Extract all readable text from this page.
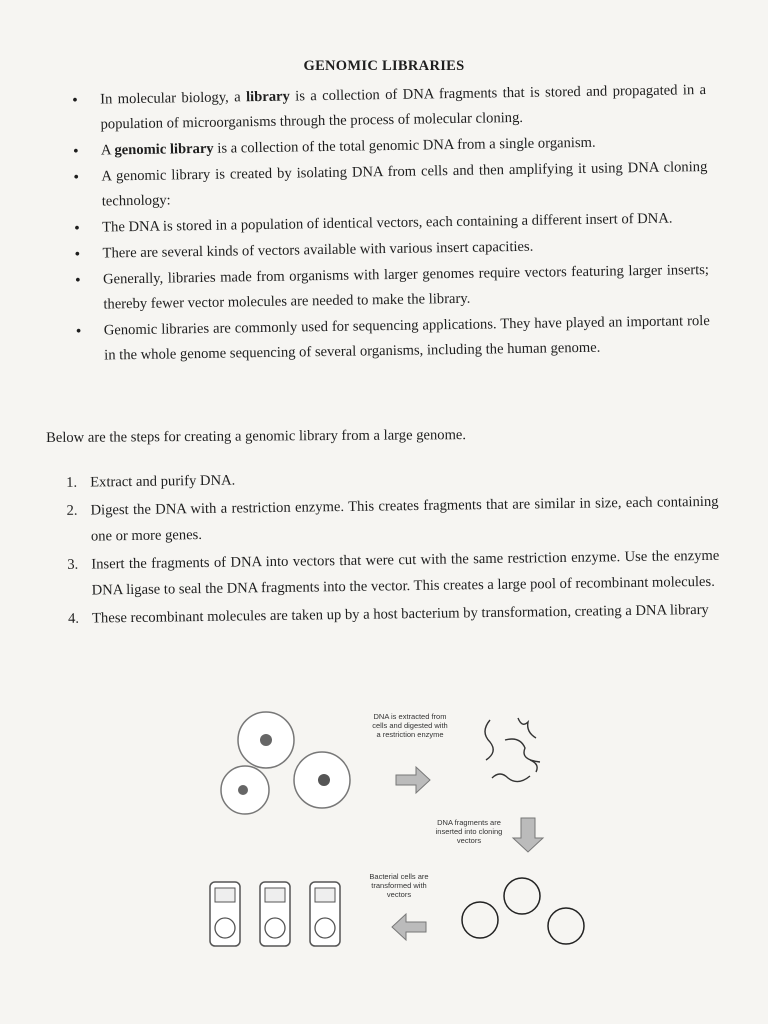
GENOMIC LIBRARIES
• In molecular biology, a library is a collection of DNA fragments that is stored and propagated in a population of microorganisms through the process of molecular cloning.
• A genomic library is a collection of the total genomic DNA from a single organism.
• A genomic library is created by isolating DNA from cells and then amplifying it using DNA cloning technology:
• The DNA is stored in a population of identical vectors, each containing a different insert of DNA.
• There are several kinds of vectors available with various insert capacities.
• Generally, libraries made from organisms with larger genomes require vectors featuring larger inserts; thereby fewer vector molecules are needed to make the library.
• Genomic libraries are commonly used for sequencing applications. They have played an important role in the whole genome sequencing of several organisms, including the human genome.
Below are the steps for creating a genomic library from a large genome.
1. Extract and purify DNA.
2. Digest the DNA with a restriction enzyme. This creates fragments that are similar in size, each containing one or more genes.
3. Insert the fragments of DNA into vectors that were cut with the same restriction enzyme. Use the enzyme DNA ligase to seal the DNA fragments into the vector. This creates a large pool of recombinant molecules.
4. These recombinant molecules are taken up by a host bacterium by transformation, creating a DNA library
DNA is extracted from cells and digested with a restriction enzyme
DNA fragments are inserted into cloning vectors
Bacterial cells are transformed with vectors
